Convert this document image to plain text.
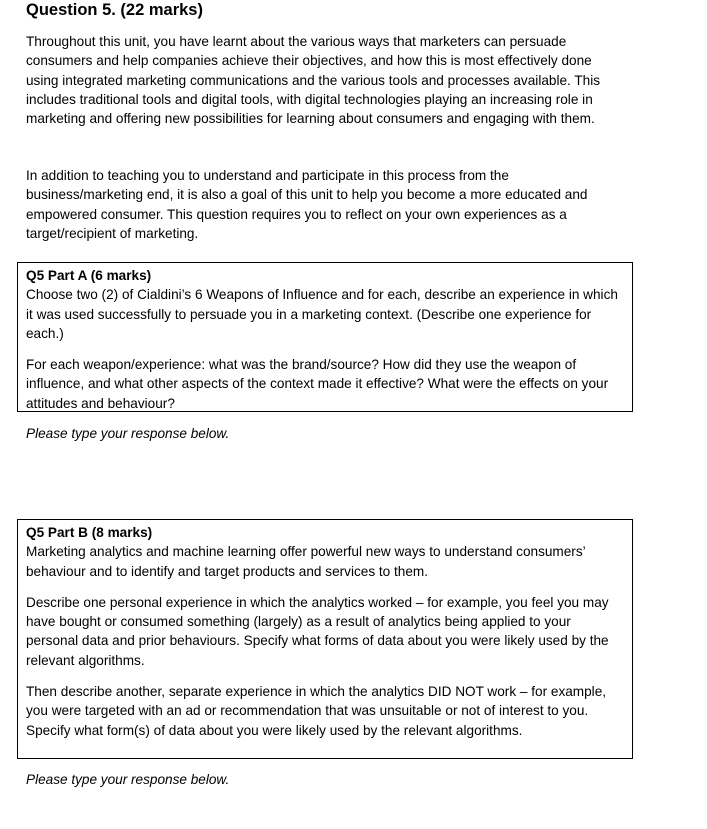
Question 5. (22 marks)

Throughout this unit, you have learnt about the various ways that marketers can persuade consumers and help companies achieve their objectives, and how this is most effectively done using integrated marketing communications and the various tools and processes available. This includes traditional tools and digital tools, with digital technologies playing an increasing role in marketing and offering new possibilities for learning about consumers and engaging with them.

In addition to teaching you to understand and participate in this process from the business/marketing end, it is also a goal of this unit to help you become a more educated and empowered consumer. This question requires you to reflect on your own experiences as a target/recipient of marketing.

Q5 Part A (6 marks)

Choose two (2) of Cialdini’s 6 Weapons of Influence and for each, describe an experience in which it was used successfully to persuade you in a marketing context. (Describe one experience for each.)

For each weapon/experience: what was the brand/source? How did they use the weapon of influence, and what other aspects of the context made it effective? What were the effects on your attitudes and behaviour?

Please type your response below.

Q5 Part B (8 marks)

Marketing analytics and machine learning offer powerful new ways to understand consumers’ behaviour and to identify and target products and services to them.

Describe one personal experience in which the analytics worked – for example, you feel you may have bought or consumed something (largely) as a result of analytics being applied to your personal data and prior behaviours. Specify what forms of data about you were likely used by the relevant algorithms.

Then describe another, separate experience in which the analytics DID NOT work – for example, you were targeted with an ad or recommendation that was unsuitable or not of interest to you. Specify what form(s) of data about you were likely used by the relevant algorithms.

Please type your response below.
